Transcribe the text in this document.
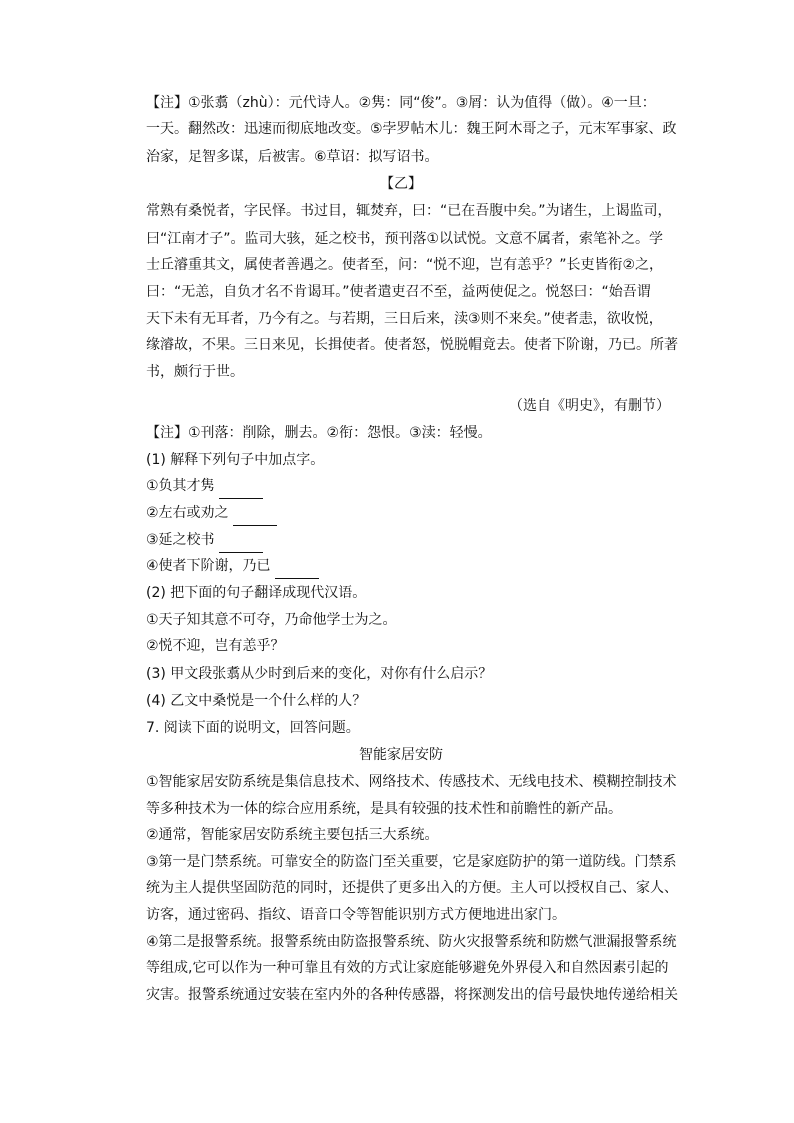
【注】①张翥（zhù）：元代诗人。②隽：同“俊”。③屑：认为值得（做）。④一旦：
一天。翻然改：迅速而彻底地改变。⑤孛罗帖木儿：魏王阿木哥之子，元末军事家、政
治家，足智多谋，后被害。⑥草诏：拟写诏书。
【乙】
常熟有桑悦者，字民怿。书过目，辄焚弃，曰：“已在吾腹中矣。”为诸生，上谒监司，
曰“江南才子”。监司大骇，延之校书，预刊落①以试悦。文意不属者，索笔补之。学
士丘濬重其文，属使者善遇之。使者至，问：“悦不迎，岂有恙乎？”长吏皆衔②之，
曰：“无恙，自负才名不肯谒耳。”使者遣吏召不至，益两使促之。悦怒曰：“始吾谓
天下未有无耳者，乃今有之。与若期，三日后来，渎③则不来矣。”使者恚，欲收悦，
缘濬故，不果。三日来见，长揖使者。使者怒，悦脱帽竟去。使者下阶谢，乃已。所著
书，颇行于世。
（选自《明史》，有删节）
【注】①刊落：削除，删去。②衔：怨恨。③渎：轻慢。
(1) 解释下列句子中加点字。
①负其才隽
②左右或劝之
③延之校书
④使者下阶谢，乃已
(2) 把下面的句子翻译成现代汉语。
①天子知其意不可夺，乃命他学士为之。
②悦不迎，岂有恙乎？
(3) 甲文段张翥从少时到后来的变化，对你有什么启示？
(4) 乙文中桑悦是一个什么样的人？
7. 阅读下面的说明文，回答问题。
智能家居安防
①智能家居安防系统是集信息技术、网络技术、传感技术、无线电技术、模糊控制技术
等多种技术为一体的综合应用系统，是具有较强的技术性和前瞻性的新产品。
②通常，智能家居安防系统主要包括三大系统。
③第一是门禁系统。可靠安全的防盗门至关重要，它是家庭防护的第一道防线。门禁系
统为主人提供坚固防范的同时，还提供了更多出入的方便。主人可以授权自己、家人、
访客，通过密码、指纹、语音口令等智能识别方式方便地进出家门。
④第二是报警系统。报警系统由防盗报警系统、防火灾报警系统和防燃气泄漏报警系统
等组成,它可以作为一种可靠且有效的方式让家庭能够避免外界侵入和自然因素引起的
灾害。报警系统通过安装在室内外的各种传感器，将探测发出的信号最快地传递给相关
